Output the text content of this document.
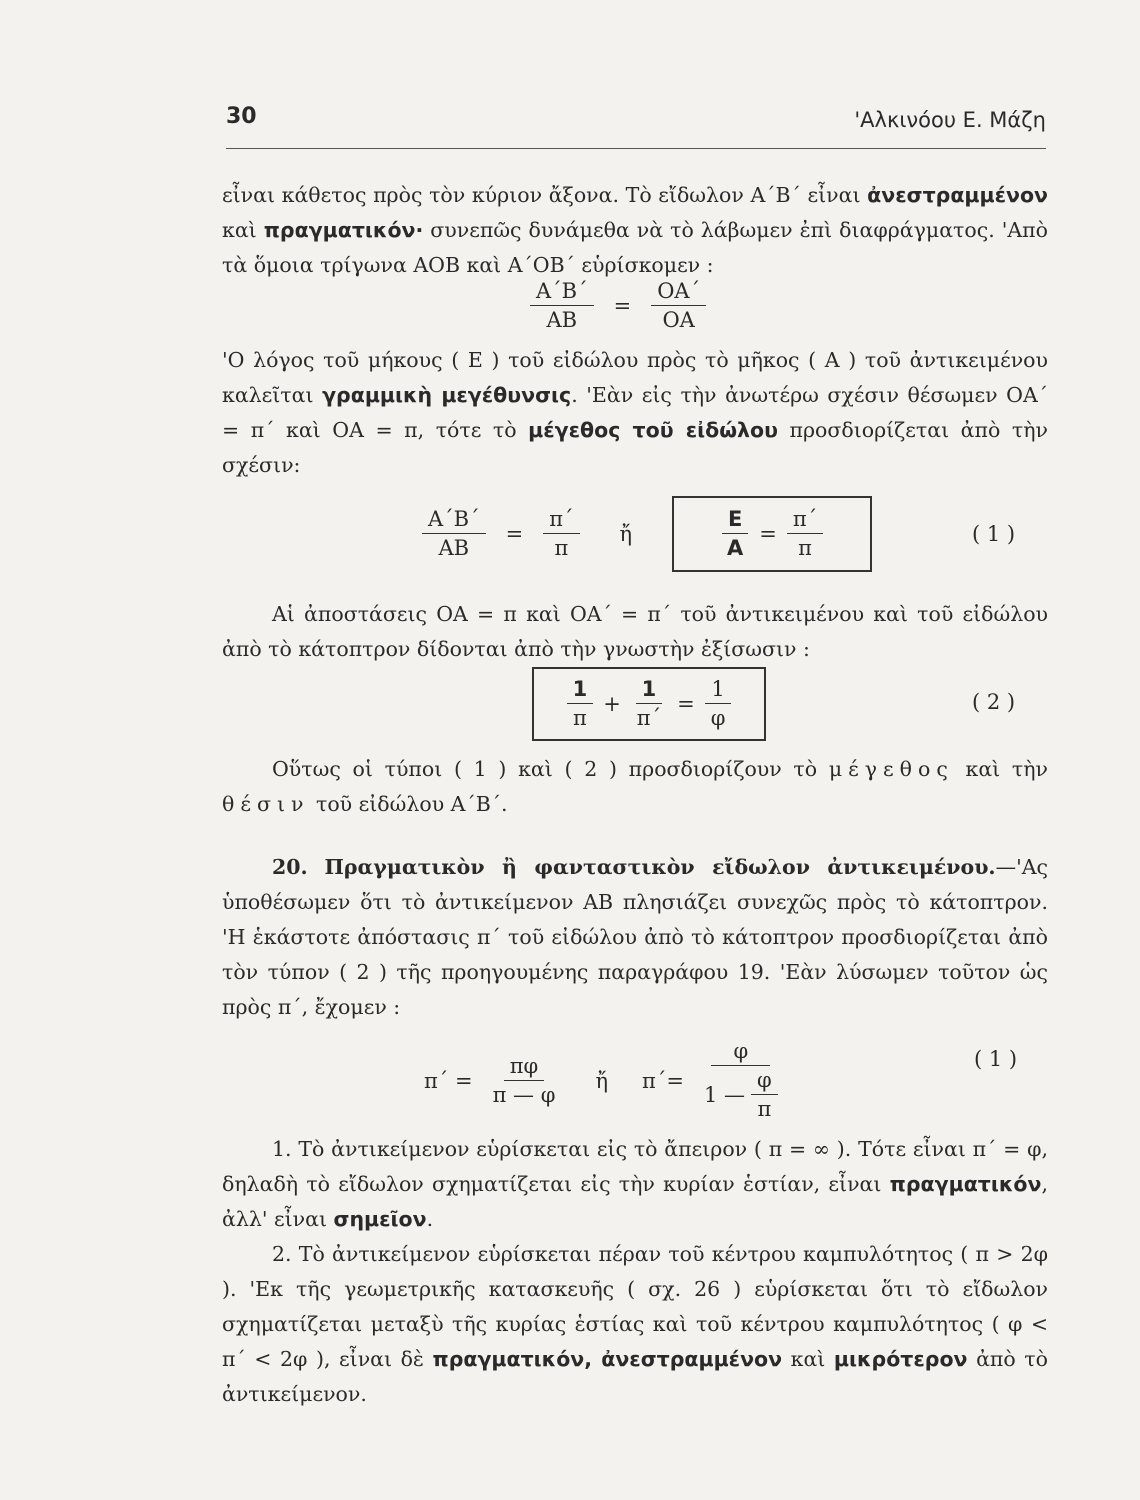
30	'Αλκινόου Ε. Μάζη

εἶναι κάθετος πρὸς τὸν κύριον ἄξονα. Τὸ εἴδωλον Α΄Β΄ εἶναι ἀνεστραμμένον καὶ πραγματικόν· συνεπῶς δυνάμεθα νὰ τὸ λάβωμεν ἐπὶ διαφράγματος. 'Απὸ τὰ ὅμοια τρίγωνα ΑΟΒ καὶ Α΄ΟΒ΄ εὑρίσκομεν :

$\frac{A΄B΄}{AB} = \frac{OA΄}{OA}$

'Ο λόγος τοῦ μήκους ( Ε ) τοῦ εἰδώλου πρὸς τὸ μῆκος ( Α ) τοῦ ἀντικειμένου καλεῖται γραμμικὴ μεγέθυνσις. 'Εὰν εἰς τὴν ἀνωτέρω σχέσιν θέσωμεν ΟΑ΄ = π΄ καὶ ΟΑ = π, τότε τὸ μέγεθος τοῦ εἰδώλου προσδιορίζεται ἀπὸ τὴν σχέσιν:

$\frac{A΄B΄}{AB} = \frac{\pi΄}{\pi}$	ἤ	$\frac{E}{A} = \frac{\pi΄}{\pi}$	( 1 )

Αἱ ἀποστάσεις ΟΑ = π καὶ ΟΑ΄ = π΄ τοῦ ἀντικειμένου καὶ τοῦ εἰδώλου ἀπὸ τὸ κάτοπτρον δίδονται ἀπὸ τὴν γνωστὴν ἐξίσωσιν :

$\frac{1}{\pi} + \frac{1}{\pi΄} = \frac{1}{\varphi}$	( 2 )

Οὕτως οἱ τύποι ( 1 ) καὶ ( 2 ) προσδιορίζουν τὸ μέγεθος καὶ τὴν θέσιν τοῦ εἰδώλου Α΄Β΄.

20. Πραγματικὸν ἢ φανταστικὸν εἴδωλον ἀντικειμένου.—'Ας ὑποθέσωμεν ὅτι τὸ ἀντικείμενον ΑΒ πλησιάζει συνεχῶς πρὸς τὸ κάτοπτρον. 'Η ἑκάστοτε ἀπόστασις π΄ τοῦ εἰδώλου ἀπὸ τὸ κάτοπτρον προσδιορίζεται ἀπὸ τὸν τύπον ( 2 ) τῆς προηγουμένης παραγράφου 19. 'Εὰν λύσωμεν τοῦτον ὡς πρὸς π΄, ἔχομεν :

$\pi΄ = \frac{\pi\varphi}{\pi — \varphi}$	ἤ	$\pi΄= \frac{\varphi}{1 — \frac{\varphi}{\pi}}$	( 1 )

1. Τὸ ἀντικείμενον εὑρίσκεται εἰς τὸ ἄπειρον ( π = ∞ ). Τότε εἶναι π΄ = φ, δηλαδὴ τὸ εἴδωλον σχηματίζεται εἰς τὴν κυρίαν ἑστίαν, εἶναι πραγματικόν, ἀλλ' εἶναι σημεῖον.

2. Τὸ ἀντικείμενον εὑρίσκεται πέραν τοῦ κέντρου καμπυλότητος ( π > 2φ ). 'Εκ τῆς γεωμετρικῆς κατασκευῆς ( σχ. 26 ) εὑρίσκεται ὅτι τὸ εἴδωλον σχηματίζεται μεταξὺ τῆς κυρίας ἑστίας καὶ τοῦ κέντρου καμπυλότητος ( φ < π΄ < 2φ ), εἶναι δὲ πραγματικόν, ἀνεστραμμένον καὶ μικρότερον ἀπὸ τὸ ἀντικείμενον.
